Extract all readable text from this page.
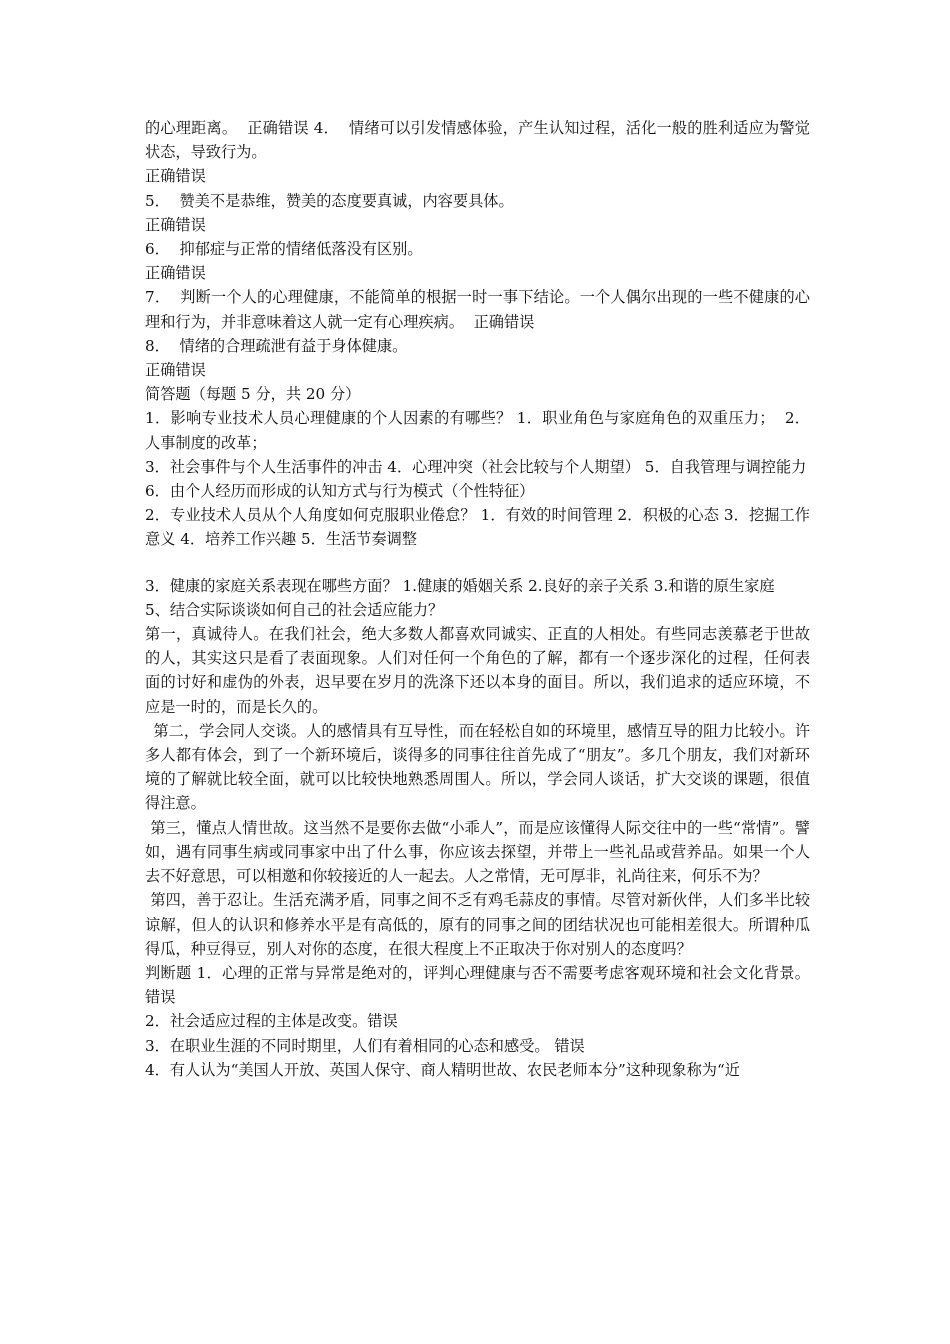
的心理距离。  正确错误 4．  情绪可以引发情感体验，产生认知过程，活化一般的胜利适应为警觉状态，导致行为。

正确错误

5．  赞美不是恭维，赞美的态度要真诚，内容要具体。

正确错误

6．  抑郁症与正常的情绪低落没有区别。

正确错误

7．  判断一个人的心理健康，不能简单的根据一时一事下结论。一个人偶尔出现的一些不健康的心理和行为，并非意味着这人就一定有心理疾病。  正确错误

8．  情绪的合理疏泄有益于身体健康。

正确错误

简答题（每题 5 分，共 20 分）

1．影响专业技术人员心理健康的个人因素的有哪些？ 1．职业角色与家庭角色的双重压力；  2．人事制度的改革；

3．社会事件与个人生活事件的冲击 4．心理冲突（社会比较与个人期望） 5．自我管理与调控能力

6．由个人经历而形成的认知方式与行为模式（个性特征）

2．专业技术人员从个人角度如何克服职业倦怠？ 1．有效的时间管理 2．积极的心态 3．挖掘工作意义 4．培养工作兴趣 5．生活节奏调整

3．健康的家庭关系表现在哪些方面？ 1.健康的婚姻关系 2.良好的亲子关系 3.和谐的原生家庭

5、结合实际谈谈如何自己的社会适应能力？

第一，真诚待人。在我们社会，绝大多数人都喜欢同诚实、正直的人相处。有些同志羡慕老于世故的人，其实这只是看了表面现象。人们对任何一个角色的了解，都有一个逐步深化的过程，任何表面的讨好和虚伪的外表，迟早要在岁月的洗涤下还以本身的面目。所以，我们追求的适应环境，不应是一时的，而是长久的。

第二，学会同人交谈。人的感情具有互导性，而在轻松自如的环境里，感情互导的阻力比较小。许多人都有体会，到了一个新环境后，谈得多的同事往往首先成了“朋友”。多几个朋友，我们对新环境的了解就比较全面，就可以比较快地熟悉周围人。所以，学会同人谈话，扩大交谈的课题，很值得注意。

第三，懂点人情世故。这当然不是要你去做“小乖人”，而是应该懂得人际交往中的一些“常情”。譬如，遇有同事生病或同事家中出了什么事，你应该去探望，并带上一些礼品或营养品。如果一个人去不好意思，可以相邀和你较接近的人一起去。人之常情，无可厚非，礼尚往来，何乐不为？

第四，善于忍让。生活充满矛盾，同事之间不乏有鸡毛蒜皮的事情。尽管对新伙伴，人们多半比较谅解，但人的认识和修养水平是有高低的，原有的同事之间的团结状况也可能相差很大。所谓种瓜得瓜，种豆得豆，别人对你的态度，在很大程度上不正取决于你对别人的态度吗？

判断题 1．心理的正常与异常是绝对的，评判心理健康与否不需要考虑客观环境和社会文化背景。错误

2．社会适应过程的主体是改变。错误

3．在职业生涯的不同时期里，人们有着相同的心态和感受。 错误

4．有人认为“美国人开放、英国人保守、商人精明世故、农民老师本分”这种现象称为“近
